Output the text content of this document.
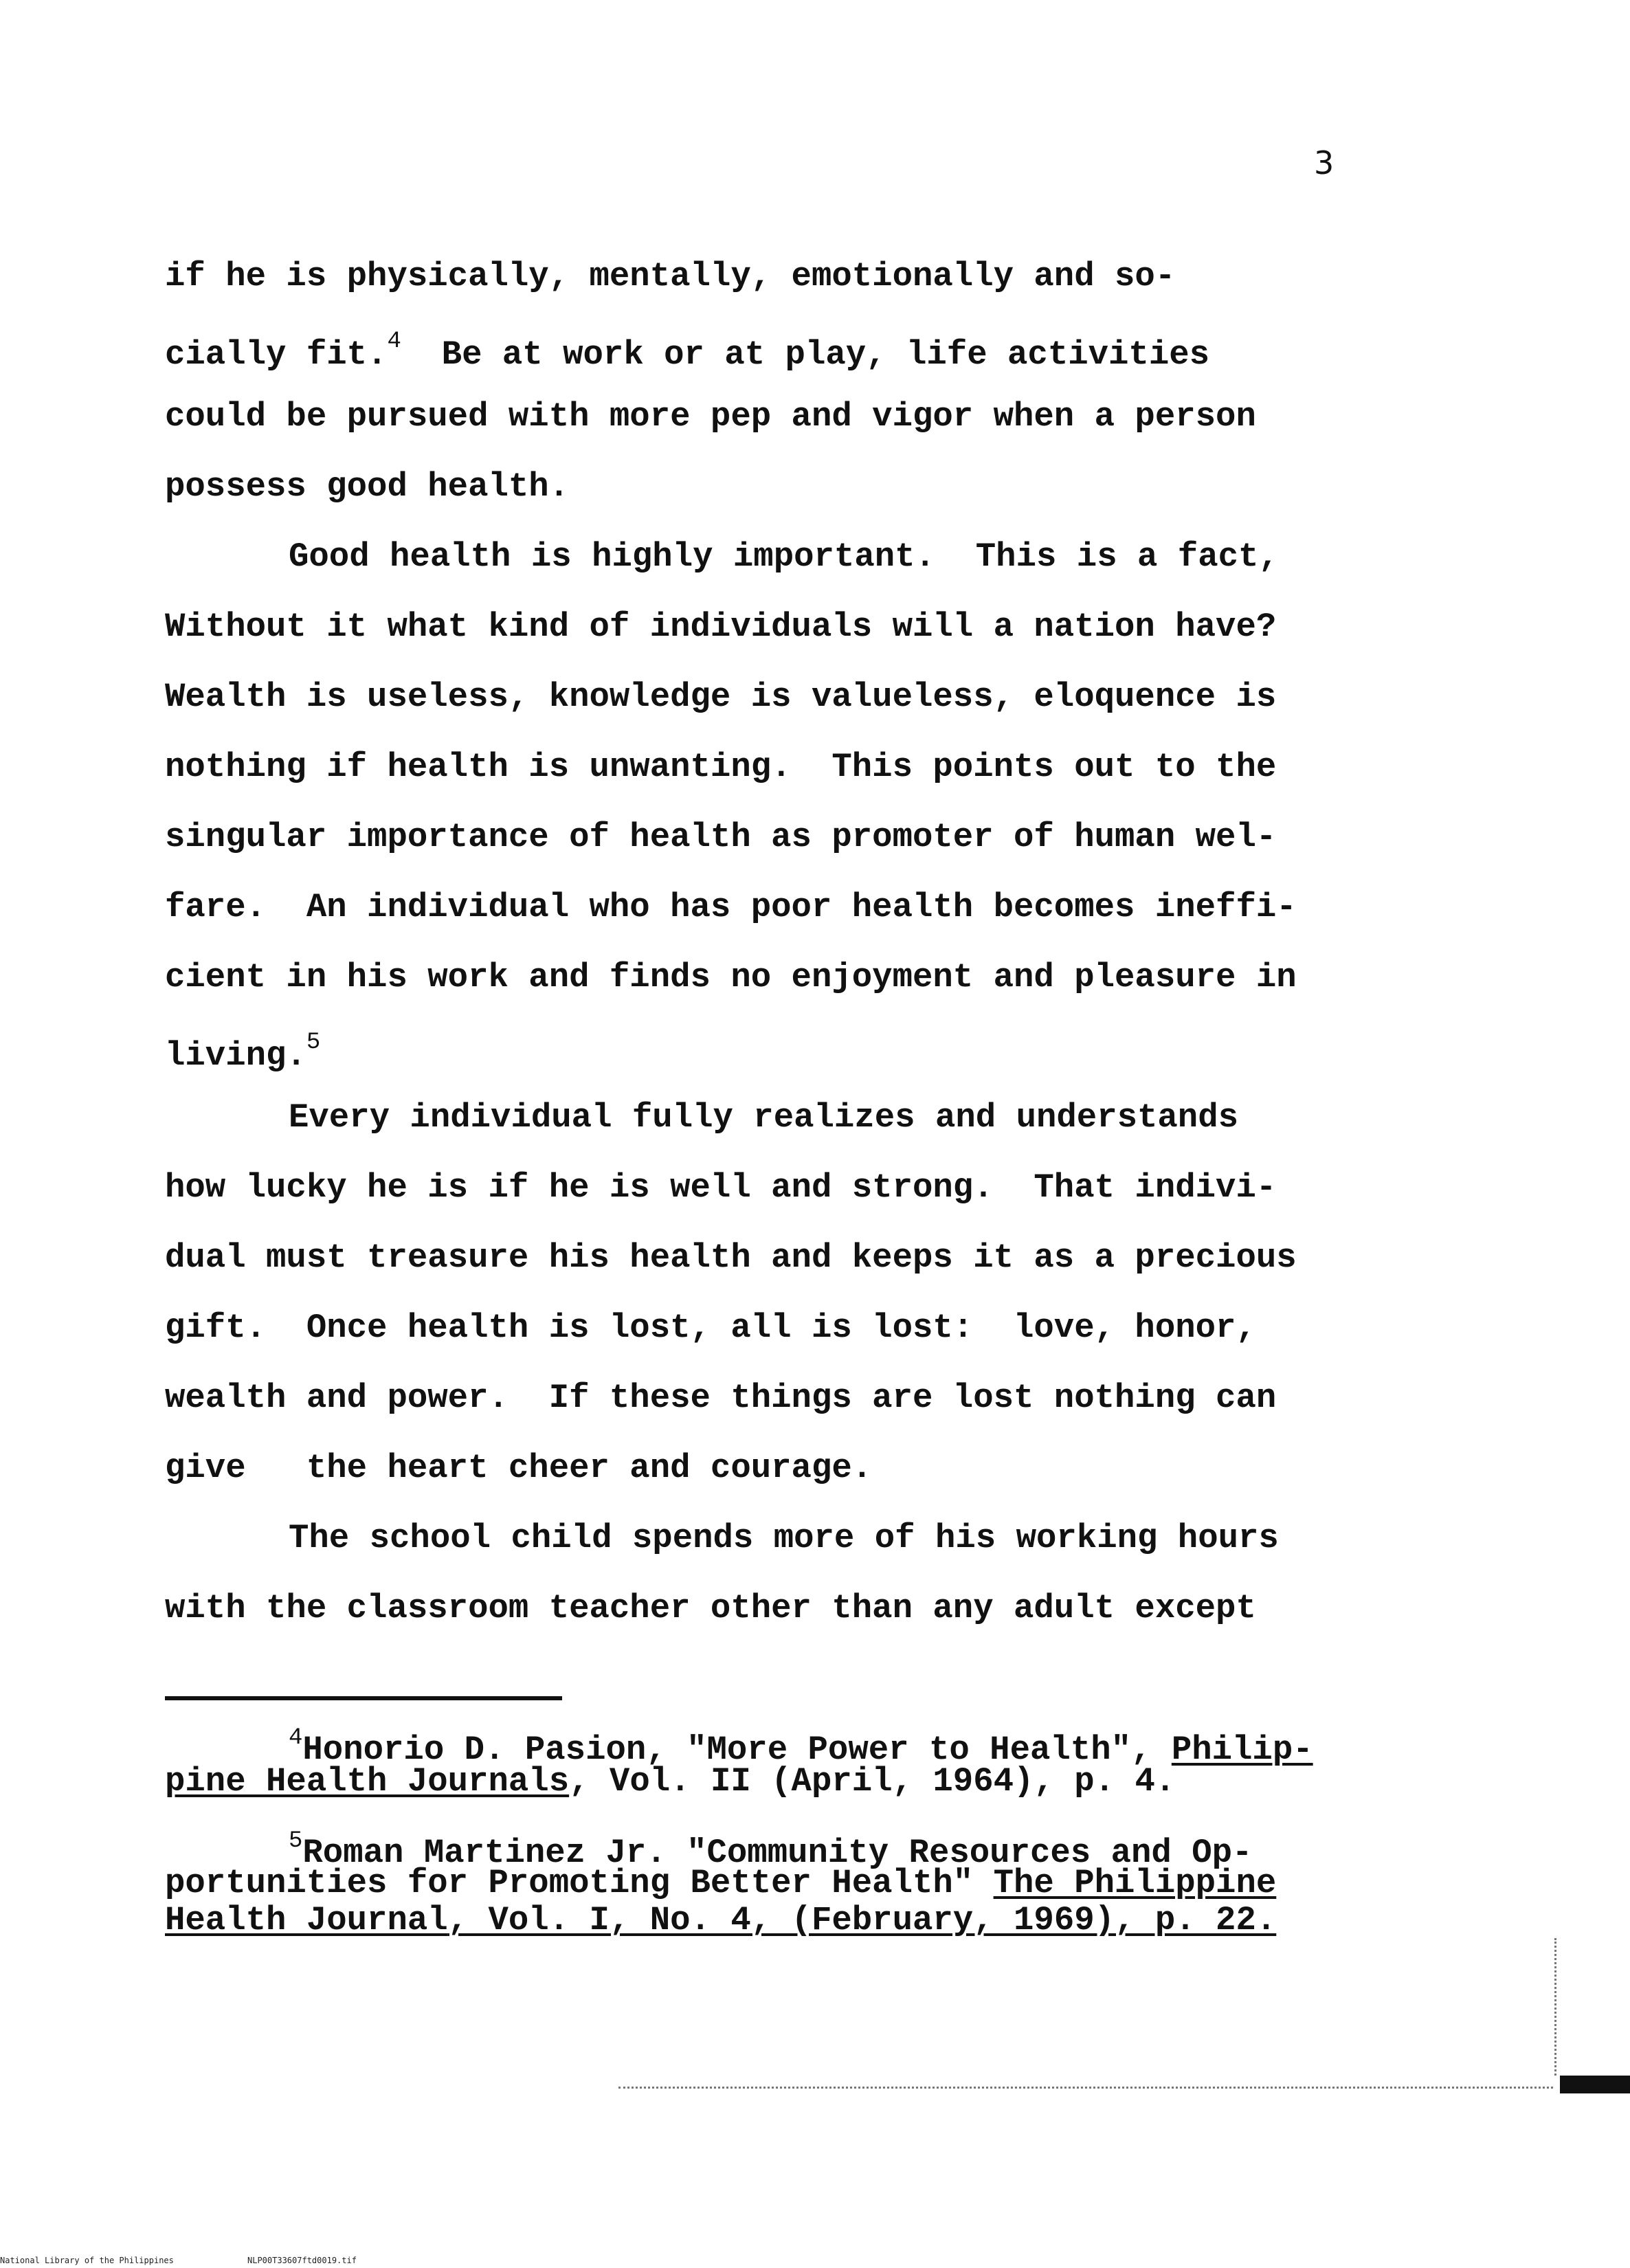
3
if he is physically, mentally, emotionally and so-
cially fit.$^4$ Be at work or at play, life activities
could be pursued with more pep and vigor when a person
possess good health.
Good health is highly important.  This is a fact,
Without it what kind of individuals will a nation have?
Wealth is useless, knowledge is valueless, eloquence is
nothing if health is unwanting.  This points out to the
singular importance of health as promoter of human wel-
fare.  An individual who has poor health becomes ineffi-
cient in his work and finds no enjoyment and pleasure in
living.$^5$
Every individual fully realizes and understands
how lucky he is if he is well and strong.  That indivi-
dual must treasure his health and keeps it as a precious
gift.  Once health is lost, all is lost:  love, honor,
wealth and power.  If these things are lost nothing can
give   the heart cheer and courage.
The school child spends more of his working hours
with the classroom teacher other than any adult except
$^4$Honorio D. Pasion, "More Power to Health", Philip-
pine Health Journals, Vol. II (April, 1964), p. 4.
$^5$Roman Martinez Jr. "Community Resources and Op-
portunities for Promoting Better Health" The Philippine
Health Journal, Vol. I, No. 4, (February, 1969), p. 22.
National Library of the Philippines	NLP00T33607ftd0019.tif
